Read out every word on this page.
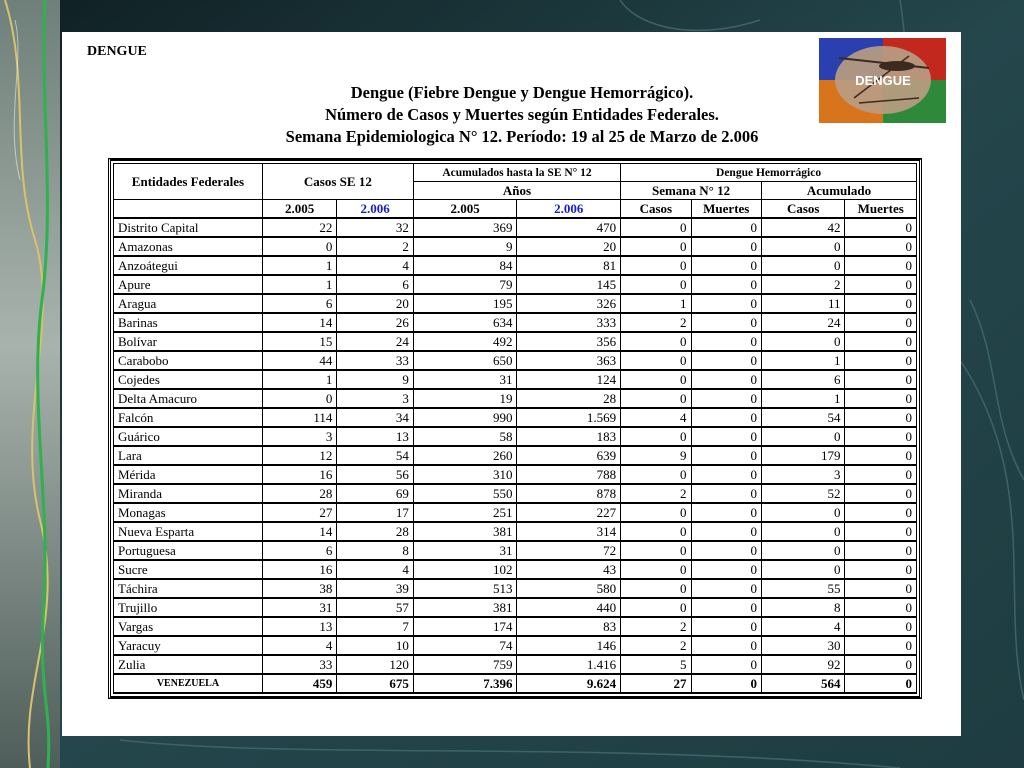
DENGUE
DENGUE
Dengue (Fiebre Dengue y Dengue Hemorrágico).
Número de Casos y Muertes según Entidades Federales.
Semana Epidemiologica N° 12. Período: 19 al 25 de Marzo de 2.006
Entidades Federales	Casos SE 12		Acumulados hasta la SE N° 12		Dengue Hemorrágico			
			Años		Semana N° 12		Acumulado	
	2.005	2.006	2.005	2.006	Casos	Muertes	Casos	Muertes
Distrito Capital	22	32	369	470	0	0	42	0
Amazonas	0	2	9	20	0	0	0	0
Anzoátegui	1	4	84	81	0	0	0	0
Apure	1	6	79	145	0	0	2	0
Aragua	6	20	195	326	1	0	11	0
Barinas	14	26	634	333	2	0	24	0
Bolívar	15	24	492	356	0	0	0	0
Carabobo	44	33	650	363	0	0	1	0
Cojedes	1	9	31	124	0	0	6	0
Delta Amacuro	0	3	19	28	0	0	1	0
Falcón	114	34	990	1.569	4	0	54	0
Guárico	3	13	58	183	0	0	0	0
Lara	12	54	260	639	9	0	179	0
Mérida	16	56	310	788	0	0	3	0
Miranda	28	69	550	878	2	0	52	0
Monagas	27	17	251	227	0	0	0	0
Nueva Esparta	14	28	381	314	0	0	0	0
Portuguesa	6	8	31	72	0	0	0	0
Sucre	16	4	102	43	0	0	0	0
Táchira	38	39	513	580	0	0	55	0
Trujillo	31	57	381	440	0	0	8	0
Vargas	13	7	174	83	2	0	4	0
Yaracuy	4	10	74	146	2	0	30	0
Zulia	33	120	759	1.416	5	0	92	0
VENEZUELA	459	675	7.396	9.624	27	0	564	0
